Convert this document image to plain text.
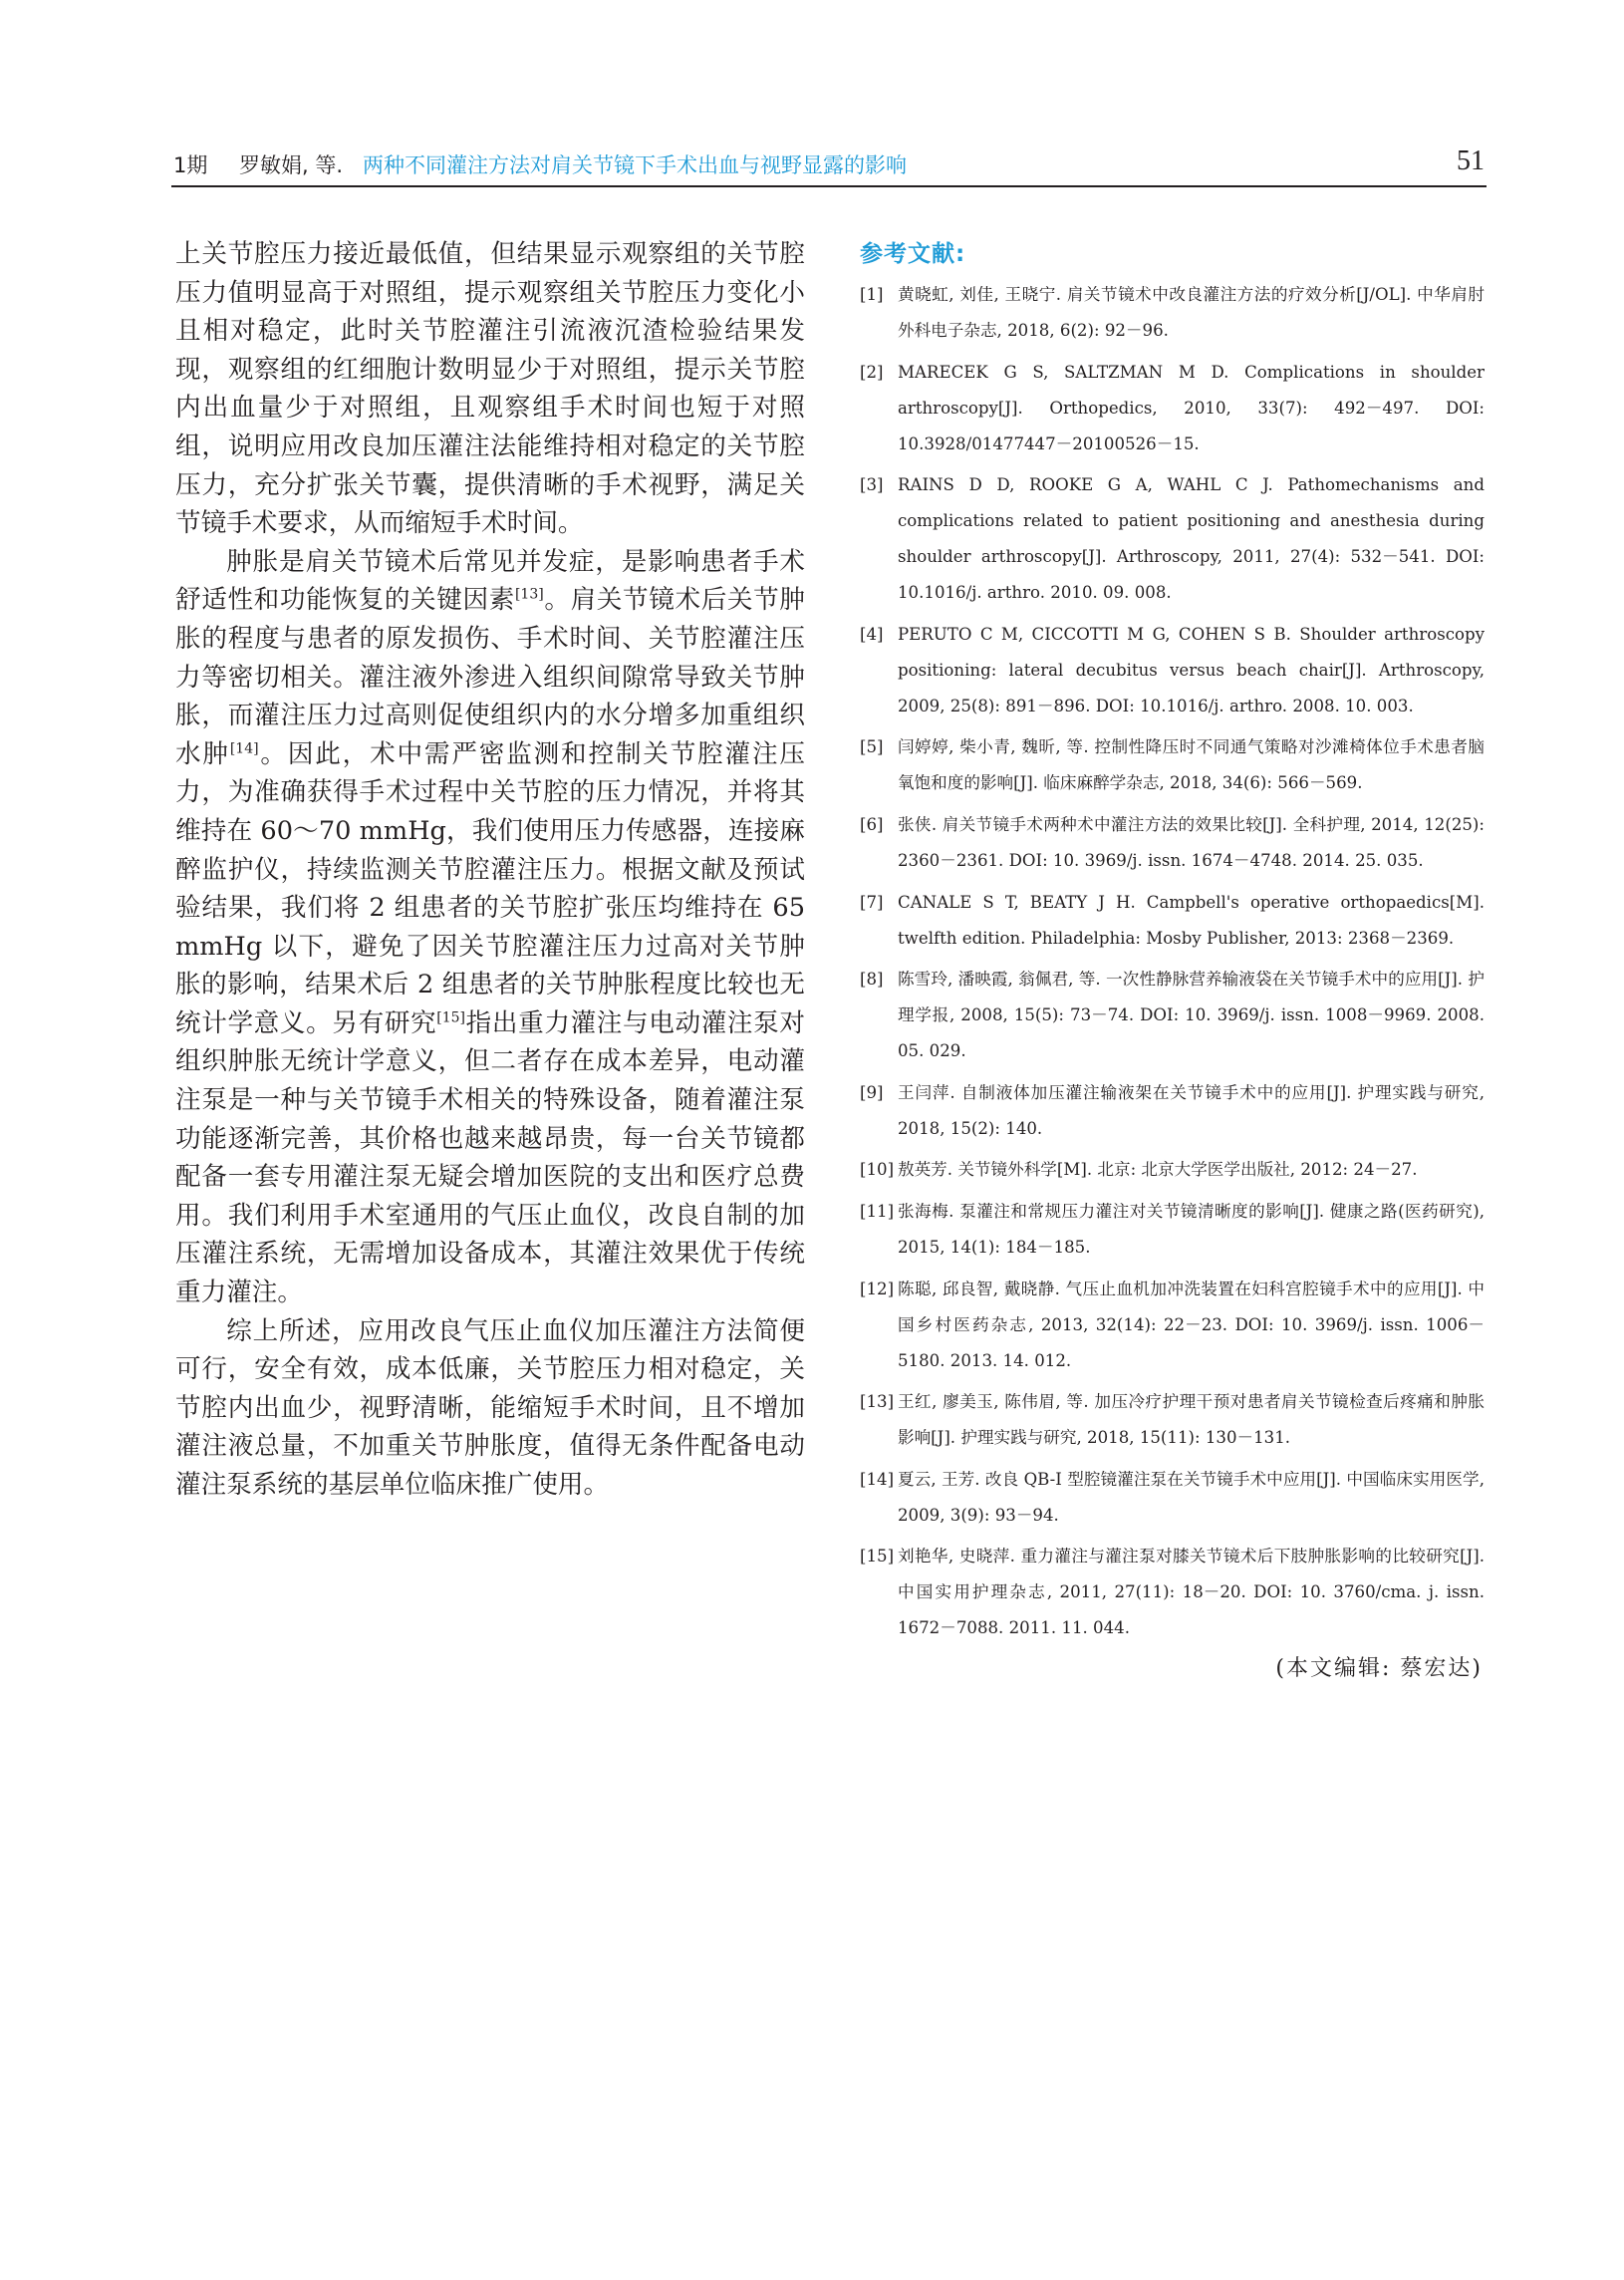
1期 罗敏娟, 等. 两种不同灌注方法对肩关节镜下手术出血与视野显露的影响	51

上关节腔压力接近最低值，但结果显示观察组的关节腔压力值明显高于对照组，提示观察组关节腔压力变化小且相对稳定，此时关节腔灌注引流液沉渣检验结果发现，观察组的红细胞计数明显少于对照组，提示关节腔内出血量少于对照组，且观察组手术时间也短于对照组，说明应用改良加压灌注法能维持相对稳定的关节腔压力，充分扩张关节囊，提供清晰的手术视野，满足关节镜手术要求，从而缩短手术时间。

肿胀是肩关节镜术后常见并发症，是影响患者手术舒适性和功能恢复的关键因素[13]。肩关节镜术后关节肿胀的程度与患者的原发损伤、手术时间、关节腔灌注压力等密切相关。灌注液外渗进入组织间隙常导致关节肿胀，而灌注压力过高则促使组织内的水分增多加重组织水肿[14]。因此，术中需严密监测和控制关节腔灌注压力，为准确获得手术过程中关节腔的压力情况，并将其维持在 60～70 mmHg，我们使用压力传感器，连接麻醉监护仪，持续监测关节腔灌注压力。根据文献及预试验结果，我们将 2 组患者的关节腔扩张压均维持在 65 mmHg 以下，避免了因关节腔灌注压力过高对关节肿胀的影响，结果术后 2 组患者的关节肿胀程度比较也无统计学意义。另有研究[15]指出重力灌注与电动灌注泵对组织肿胀无统计学意义，但二者存在成本差异，电动灌注泵是一种与关节镜手术相关的特殊设备，随着灌注泵功能逐渐完善，其价格也越来越昂贵，每一台关节镜都配备一套专用灌注泵无疑会增加医院的支出和医疗总费用。我们利用手术室通用的气压止血仪，改良自制的加压灌注系统，无需增加设备成本，其灌注效果优于传统重力灌注。

综上所述，应用改良气压止血仪加压灌注方法简便可行，安全有效，成本低廉，关节腔压力相对稳定，关节腔内出血少，视野清晰，能缩短手术时间，且不增加灌注液总量，不加重关节肿胀度，值得无条件配备电动灌注泵系统的基层单位临床推广使用。

参考文献:
[1] 黄晓虹, 刘佳, 王晓宁. 肩关节镜术中改良灌注方法的疗效分析[J/OL]. 中华肩肘外科电子杂志, 2018, 6(2): 92－96.
[2] MARECEK G S, SALTZMAN M D. Complications in shoulder arthroscopy[J]. Orthopedics, 2010, 33(7): 492－497. DOI: 10.3928/01477447－20100526－15.
[3] RAINS D D, ROOKE G A, WAHL C J. Pathomechanisms and complications related to patient positioning and anesthesia during shoulder arthroscopy[J]. Arthroscopy, 2011, 27(4): 532－541. DOI: 10.1016/j. arthro. 2010. 09. 008.
[4] PERUTO C M, CICCOTTI M G, COHEN S B. Shoulder arthroscopy positioning: lateral decubitus versus beach chair[J]. Arthroscopy, 2009, 25(8): 891－896. DOI: 10.1016/j. arthro. 2008. 10. 003.
[5] 闫婷婷, 柴小青, 魏昕, 等. 控制性降压时不同通气策略对沙滩椅体位手术患者脑氧饱和度的影响[J]. 临床麻醉学杂志, 2018, 34(6): 566－569.
[6] 张侠. 肩关节镜手术两种术中灌注方法的效果比较[J]. 全科护理, 2014, 12(25): 2360－2361. DOI: 10. 3969/j. issn. 1674－4748. 2014. 25. 035.
[7] CANALE S T, BEATY J H. Campbell's operative orthopaedics[M]. twelfth edition. Philadelphia: Mosby Publisher, 2013: 2368－2369.
[8] 陈雪玲, 潘映霞, 翁佩君, 等. 一次性静脉营养输液袋在关节镜手术中的应用[J]. 护理学报, 2008, 15(5): 73－74. DOI: 10. 3969/j. issn. 1008－9969. 2008. 05. 029.
[9] 王闫萍. 自制液体加压灌注输液架在关节镜手术中的应用[J]. 护理实践与研究, 2018, 15(2): 140.
[10] 敖英芳. 关节镜外科学[M]. 北京: 北京大学医学出版社, 2012: 24－27.
[11] 张海梅. 泵灌注和常规压力灌注对关节镜清晰度的影响[J]. 健康之路(医药研究), 2015, 14(1): 184－185.
[12] 陈聪, 邱良智, 戴晓静. 气压止血机加冲洗装置在妇科宫腔镜手术中的应用[J]. 中国乡村医药杂志, 2013, 32(14): 22－23. DOI: 10. 3969/j. issn. 1006－5180. 2013. 14. 012.
[13] 王红, 廖美玉, 陈伟眉, 等. 加压冷疗护理干预对患者肩关节镜检查后疼痛和肿胀影响[J]. 护理实践与研究, 2018, 15(11): 130－131.
[14] 夏云, 王芳. 改良 QB-I 型腔镜灌注泵在关节镜手术中应用[J]. 中国临床实用医学, 2009, 3(9): 93－94.
[15] 刘艳华, 史晓萍. 重力灌注与灌注泵对膝关节镜术后下肢肿胀影响的比较研究[J]. 中国实用护理杂志, 2011, 27(11): 18－20. DOI: 10. 3760/cma. j. issn. 1672－7088. 2011. 11. 044.
(本文编辑: 蔡宏达)
